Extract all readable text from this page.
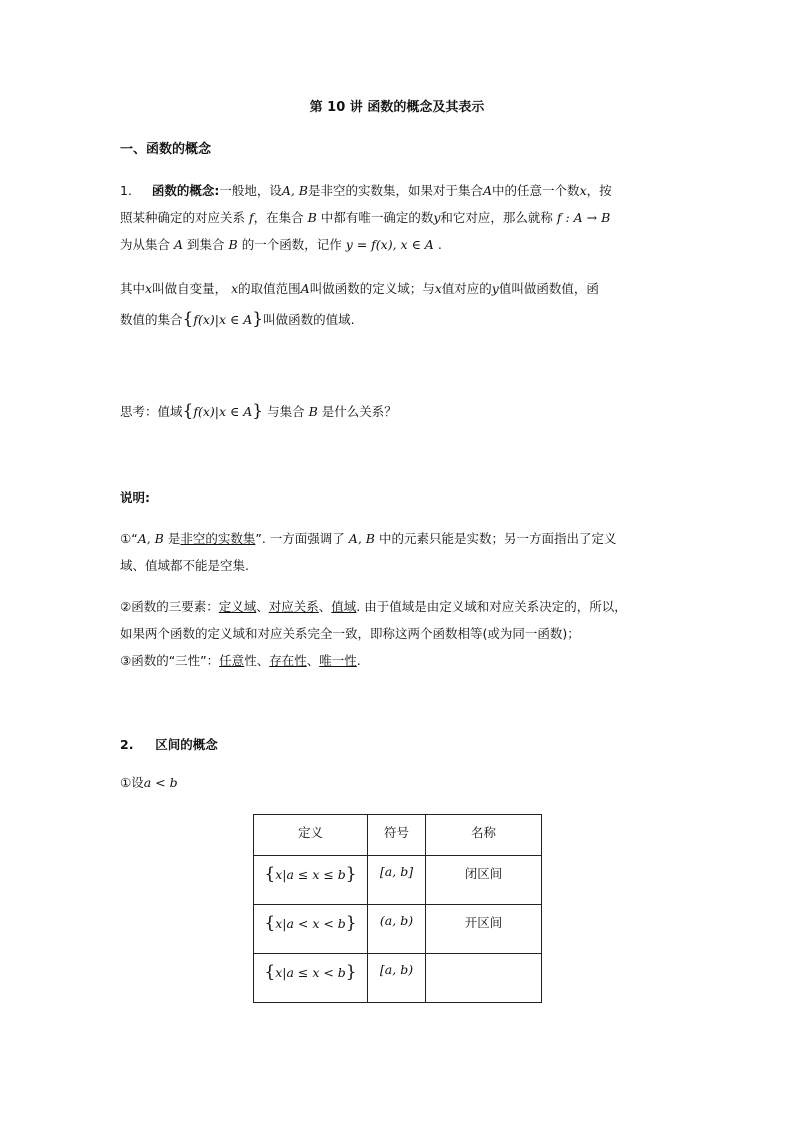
第 10 讲 函数的概念及其表示
一、函数的概念
1. 函数的概念:一般地，设A, B是非空的实数集，如果对于集合A中的任意一个数x，按
照某种确定的对应关系 f，在集合 B 中都有唯一确定的数y和它对应，那么就称 f : A → B
为从集合 A 到集合 B 的一个函数，记作 y = f(x), x ∈ A .
其中x叫做自变量， x的取值范围A叫做函数的定义域；与x值对应的y值叫做函数值，函
数值的集合{f(x)|x ∈ A}叫做函数的值域.
思考：值域{f(x)|x ∈ A} 与集合 B 是什么关系？
说明:
①“A, B 是非空的实数集”. 一方面强调了 A, B 中的元素只能是实数；另一方面指出了定义
域、值域都不能是空集.
②函数的三要素：定义域、对应关系、值域. 由于值域是由定义域和对应关系决定的，所以，
如果两个函数的定义域和对应关系完全一致，即称这两个函数相等(或为同一函数)；
③函数的“三性”：任意性、存在性、唯一性.
2. 区间的概念
①设a < b
定义	符号	名称
{x|a ≤ x ≤ b}	[a, b]	闭区间
{x|a < x < b}	(a, b)	开区间
{x|a ≤ x < b}	[a, b)	
